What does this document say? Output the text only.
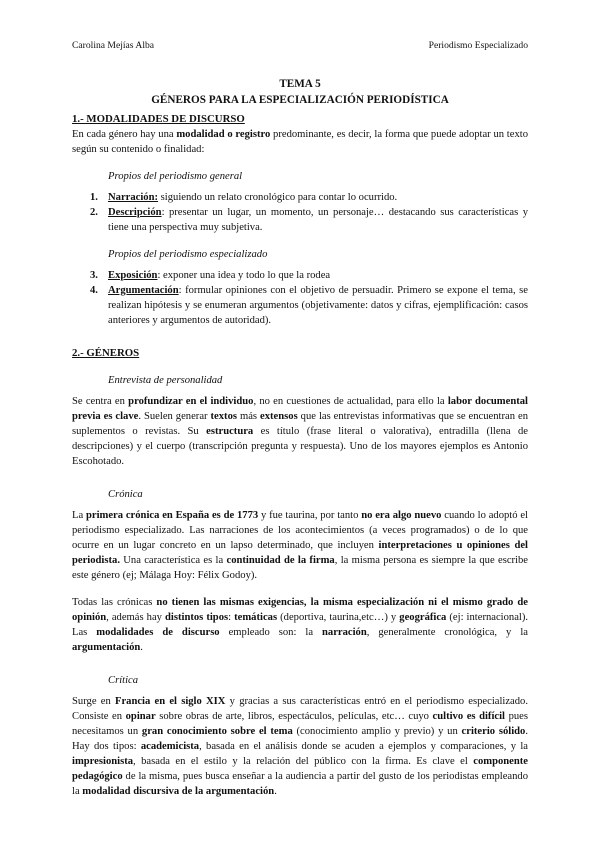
Carolina Mejías Alba	Periodismo Especializado
TEMA 5
GÉNEROS PARA LA ESPECIALIZACIÓN PERIODÍSTICA
1.- MODALIDADES DE DISCURSO

En cada género hay una modalidad o registro predominante, es decir, la forma que puede adoptar un texto según su contenido o finalidad:

Propios del periodismo general
1. Narración: siguiendo un relato cronológico para contar lo ocurrido.
2. Descripción: presentar un lugar, un momento, un personaje… destacando sus características y tiene una perspectiva muy subjetiva.
Propios del periodismo especializado
3. Exposición: exponer una idea y todo lo que la rodea
4. Argumentación: formular opiniones con el objetivo de persuadir. Primero se expone el tema, se realizan hipótesis y se enumeran argumentos (objetivamente: datos y cifras, ejemplificación: casos anteriores y argumentos de autoridad).
2.- GÉNEROS
Entrevista de personalidad

Se centra en profundizar en el individuo, no en cuestiones de actualidad, para ello la labor documental previa es clave. Suelen generar textos más extensos que las entrevistas informativas que se encuentran en suplementos o revistas. Su estructura es título (frase literal o valorativa), entradilla (llena de descripciones) y el cuerpo (transcripción pregunta y respuesta). Uno de los mayores ejemplos es Antonio Escohotado.

Crónica

La primera crónica en España es de 1773 y fue taurina, por tanto no era algo nuevo cuando lo adoptó el periodismo especializado. Las narraciones de los acontecimientos (a veces programados) o de lo que ocurre en un lugar concreto en un lapso determinado, que incluyen interpretaciones u opiniones del periodista. Una característica es la continuidad de la firma, la misma persona es siempre la que escribe este género (ej; Málaga Hoy: Félix Godoy).

Todas las crónicas no tienen las mismas exigencias, la misma especialización ni el mismo grado de opinión, además hay distintos tipos: temáticas (deportiva, taurina,etc…) y geográfica (ej: internacional). Las modalidades de discurso empleado son: la narración, generalmente cronológica, y la argumentación.

Crítica

Surge en Francia en el siglo XIX y gracias a sus características entró en el periodismo especializado. Consiste en opinar sobre obras de arte, libros, espectáculos, películas, etc… cuyo cultivo es difícil pues necesitamos un gran conocimiento sobre el tema (conocimiento amplio y previo) y un criterio sólido. Hay dos tipos: academicista, basada en el análisis donde se acuden a ejemplos y comparaciones, y la impresionista, basada en el estilo y la relación del público con la firma. Es clave el componente pedagógico de la misma, pues busca enseñar a la audiencia a partir del gusto de los periodistas empleando la modalidad discursiva de la argumentación.
